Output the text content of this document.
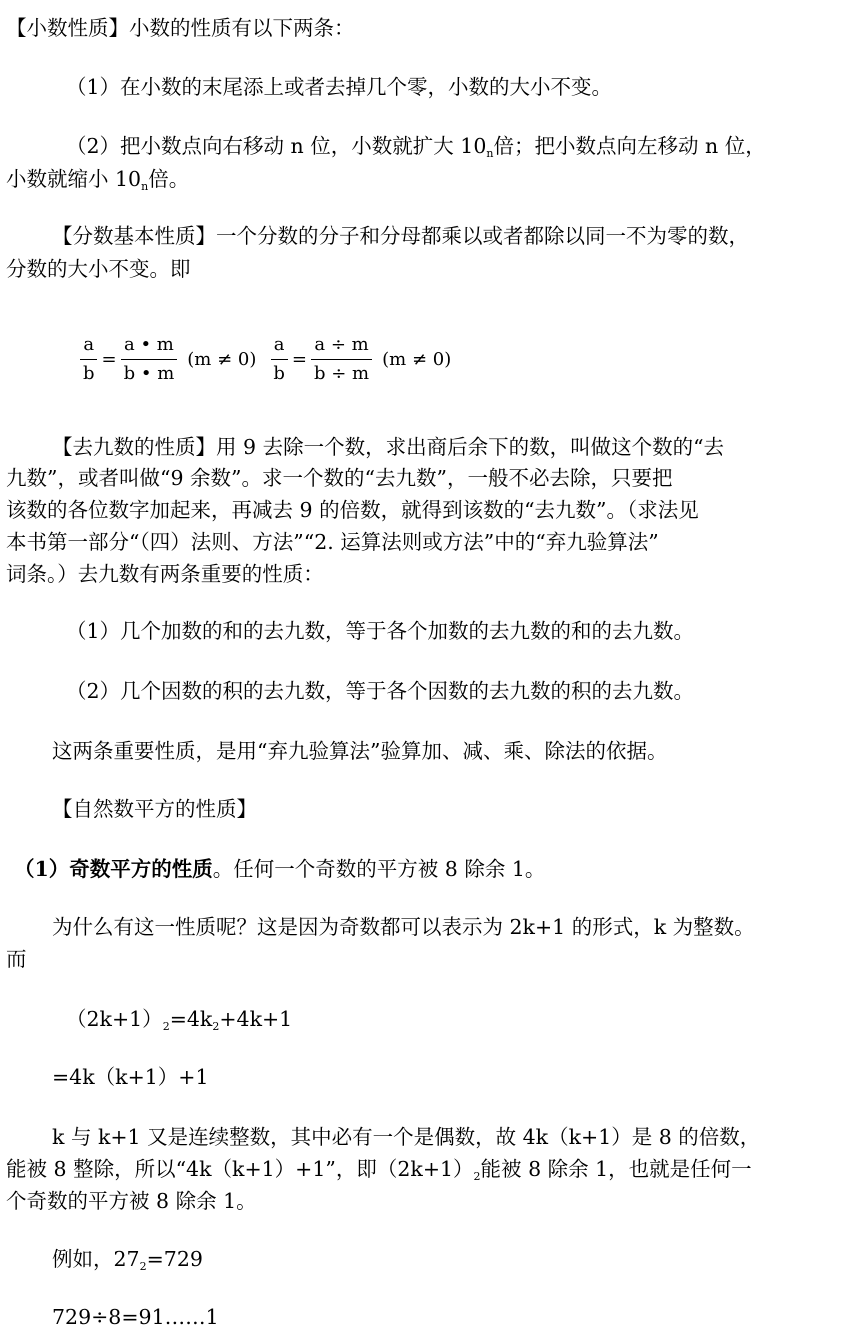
【小数性质】小数的性质有以下两条：
（1）在小数的末尾添上或者去掉几个零，小数的大小不变。
（2）把小数点向右移动 n 位，小数就扩大 $10_n$倍；把小数点向左移动 n 位，
小数就缩小 $10_n$倍。
【分数基本性质】一个分数的分子和分母都乘以或者都除以同一不为零的数，
分数的大小不变。即
$\frac{a}{b} = \frac{a • m}{b • m} (m \ne 0) \frac{a}{b} = \frac{a \div m}{b \div m} (m \ne 0)$
【去九数的性质】用 9 去除一个数，求出商后余下的数，叫做这个数的“去
九数”，或者叫做“9 余数”。求一个数的“去九数”，一般不必去除，只要把
该数的各位数字加起来，再减去 9 的倍数，就得到该数的“去九数”。（求法见
本书第一部分“（四）法则、方法”“2. 运算法则或方法”中的“弃九验算法”
词条。）去九数有两条重要的性质：
（1）几个加数的和的去九数，等于各个加数的去九数的和的去九数。
（2）几个因数的积的去九数，等于各个因数的去九数的积的去九数。
这两条重要性质，是用“弃九验算法”验算加、减、乘、除法的依据。
【自然数平方的性质】
（1）奇数平方的性质。任何一个奇数的平方被 8 除余 1。
为什么有这一性质呢？这是因为奇数都可以表示为 2k+1 的形式，k 为整数。
而
$(2k+1)_2=4k_2+4k+1$
=4k（k+1）+1
k 与 k+1 又是连续整数，其中必有一个是偶数，故 4k（k+1）是 8 的倍数，
能被 8 整除，所以“4k（k+1）+1”，即$(2k+1)_2$能被 8 除余 1，也就是任何一
个奇数的平方被 8 除余 1。
例如，$27_2=729$
729÷8=91……1
